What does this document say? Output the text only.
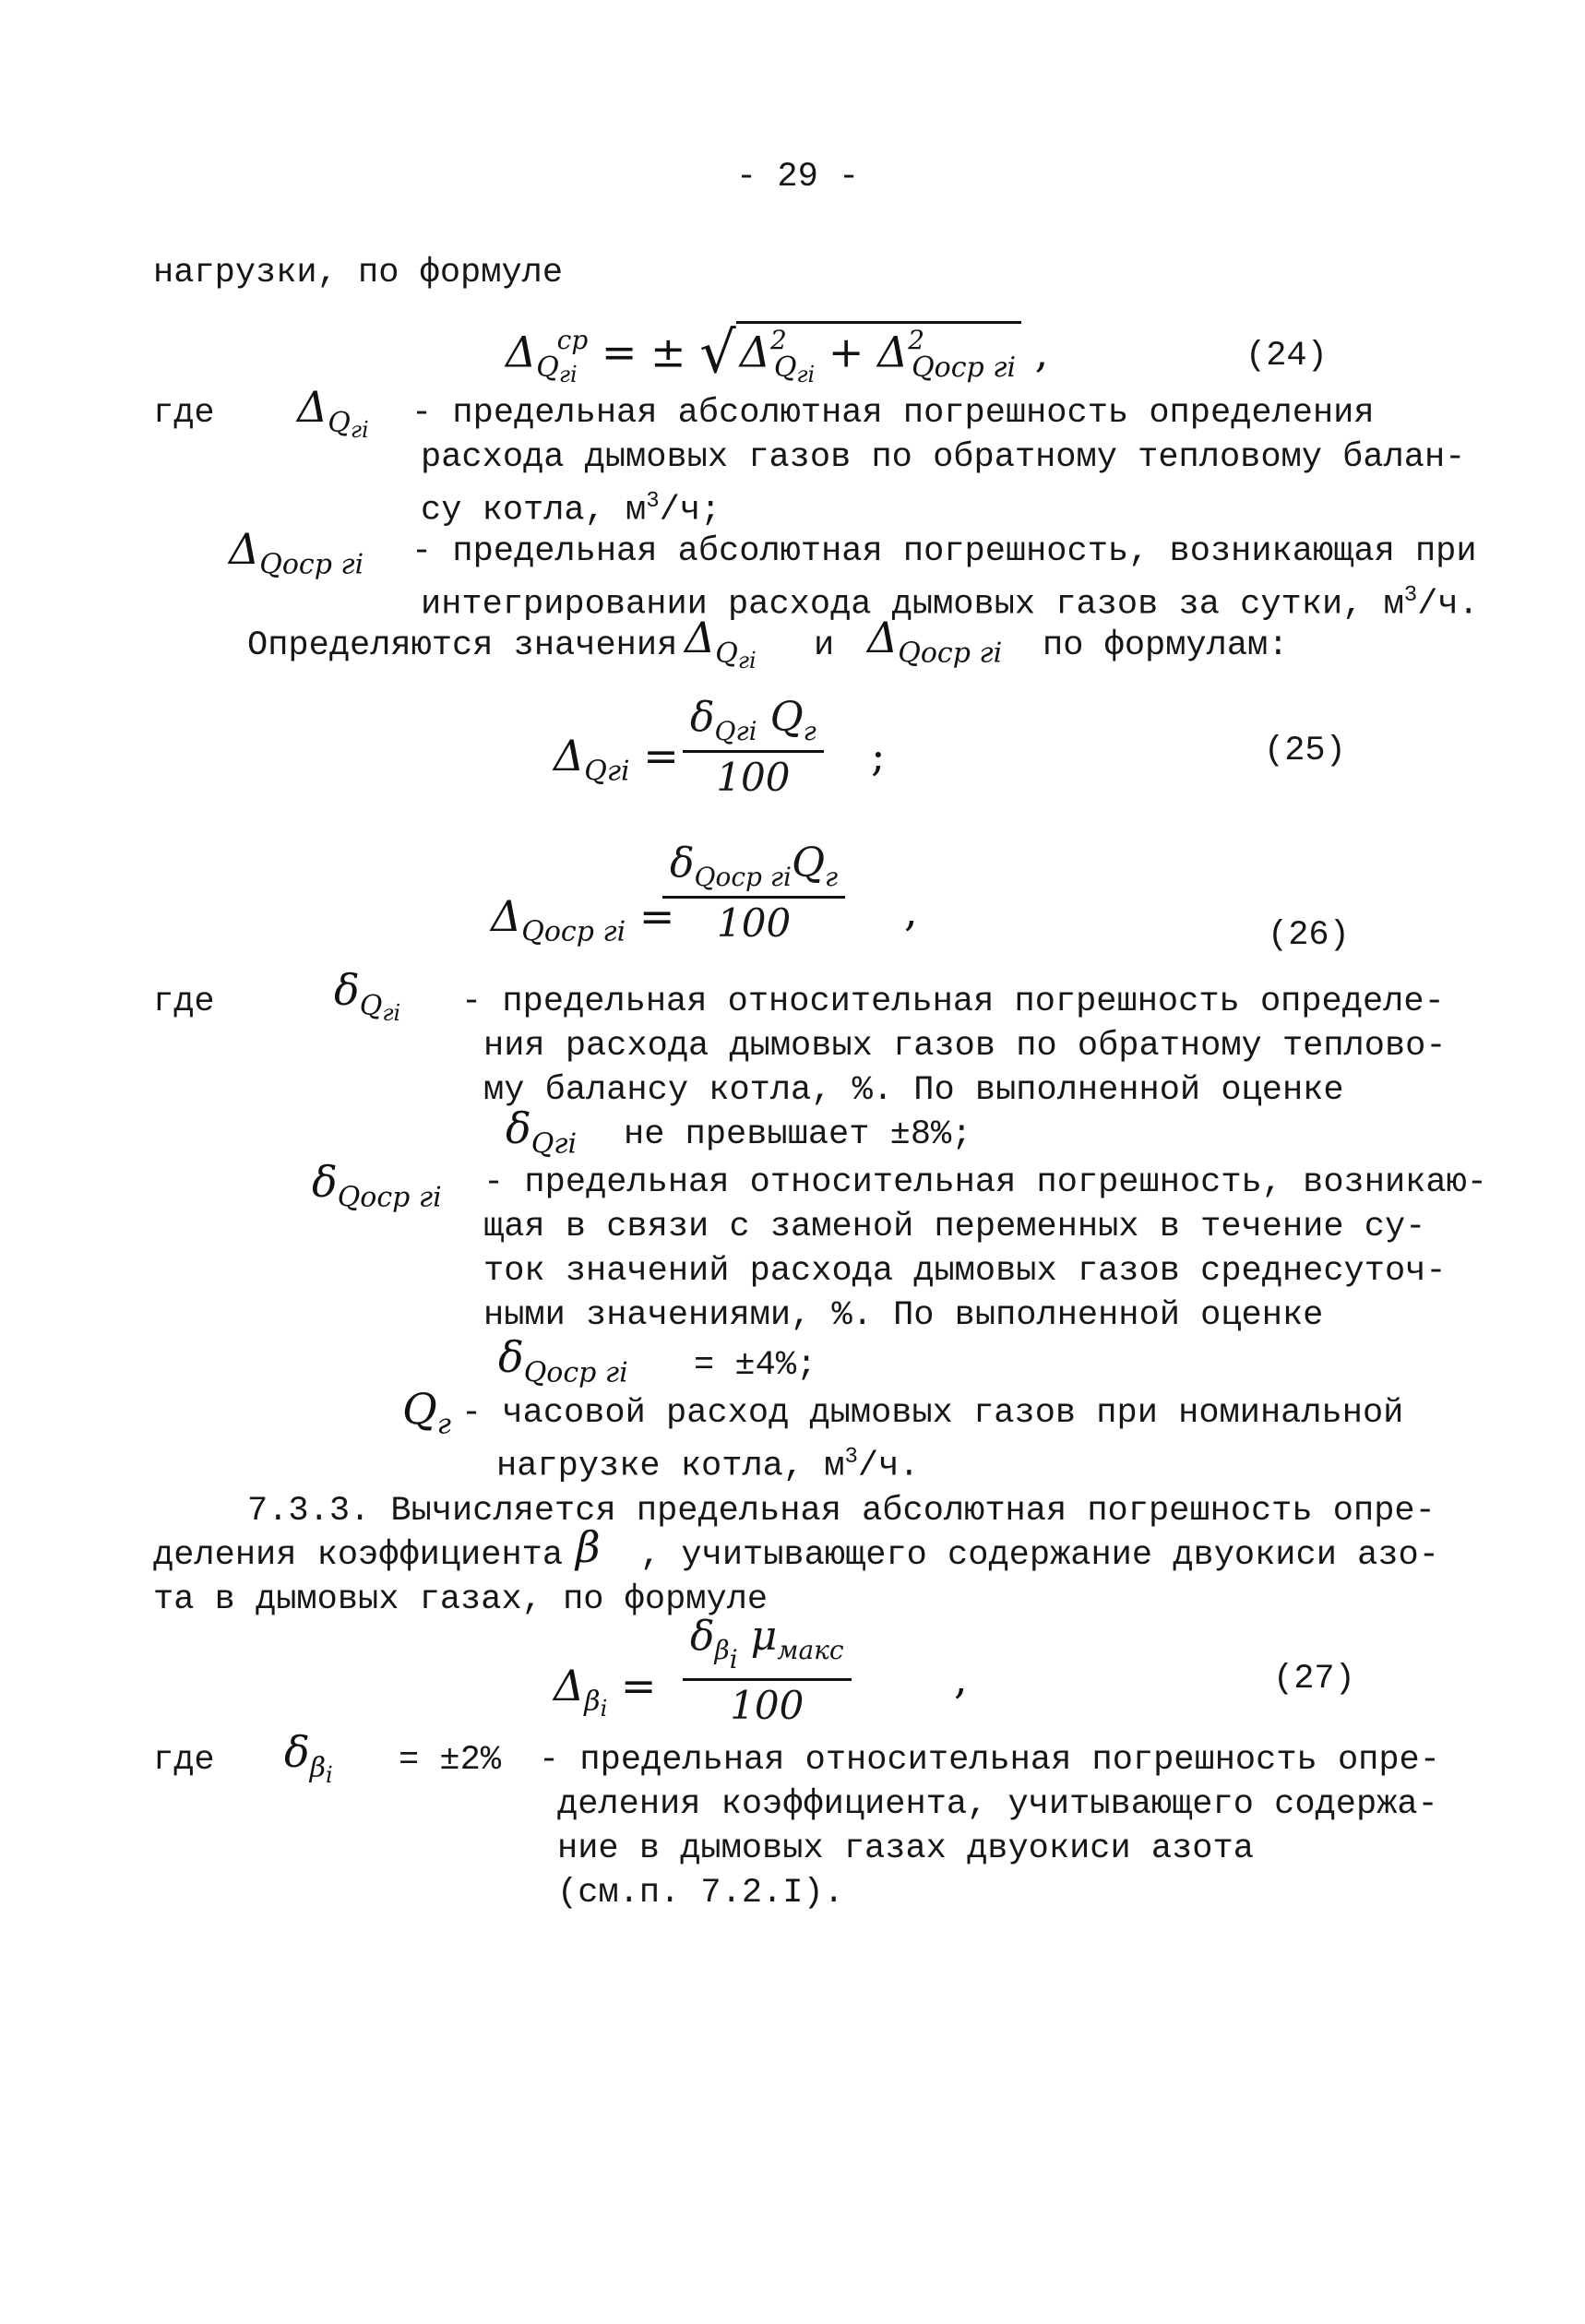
- 29 -
нагрузки, по формуле
$\Delta_{Q_{гi}}^{ср}$ = ± $√\Delta^2_{Q_{гi}} + \Delta^2_{Qоср гi}$ ,	(24)
где $\Delta_{Q_{гi}}$ - предельная абсолютная погрешность определения
расхода дымовых газов по обратному тепловому балан-
су котла, $м^3/ч$;
$\Delta_{Qоср гi}$ - предельная абсолютная погрешность, возникающая при
интегрировании расхода дымовых газов за сутки, $м^3/ч$.
Определяются значения $\Delta_{Q_{гi}}$ и $\Delta_{Qоср гi}$ по формулам:
$\Delta_{Qгi}$ =
$\delta_{Qгi}$ $Q_г$
100	;	(25)
$\Delta_{Qоср гi}$ =
$\delta_{Qоср гi}Q_г$
100	,	(26)
где	$\delta_{Q_{гi}}$ - предельная относительная погрешность определе-
ния расхода дымовых газов по обратному теплово-
му балансу котла, %. По выполненной оценке
$\delta_{Qгi}$ не превышает ±8%;
$\delta_{Qоср гi}$ - предельная относительная погрешность, возникаю-
щая в связи с заменой переменных в течение су-
ток значений расхода дымовых газов среднесуточ-
ными значениями, %. По выполненной оценке
$\delta_{Qоср гi} = \pm 4\%$;
$Q_г$ - часовой расход дымовых газов при номинальной
нагрузке котла, $м^3/ч$.
7.3.3. Вычисляется предельная абсолютная погрешность опре-
деления коэффициента β , учитывающего содержание двуокиси азо-
та в дымовых газах, по формуле
$\Delta_{\beta_i}$ =
$\delta_{\beta_i}$ $\mu_{макс}$
100
,	(27)
где $\delta_{\beta_i} = \pm 2\%$ - предельная относительная погрешность опре-
деления коэффициента, учитывающего содержа-
ние в дымовых газах двуокиси азота
(см.п. 7.2.I).
